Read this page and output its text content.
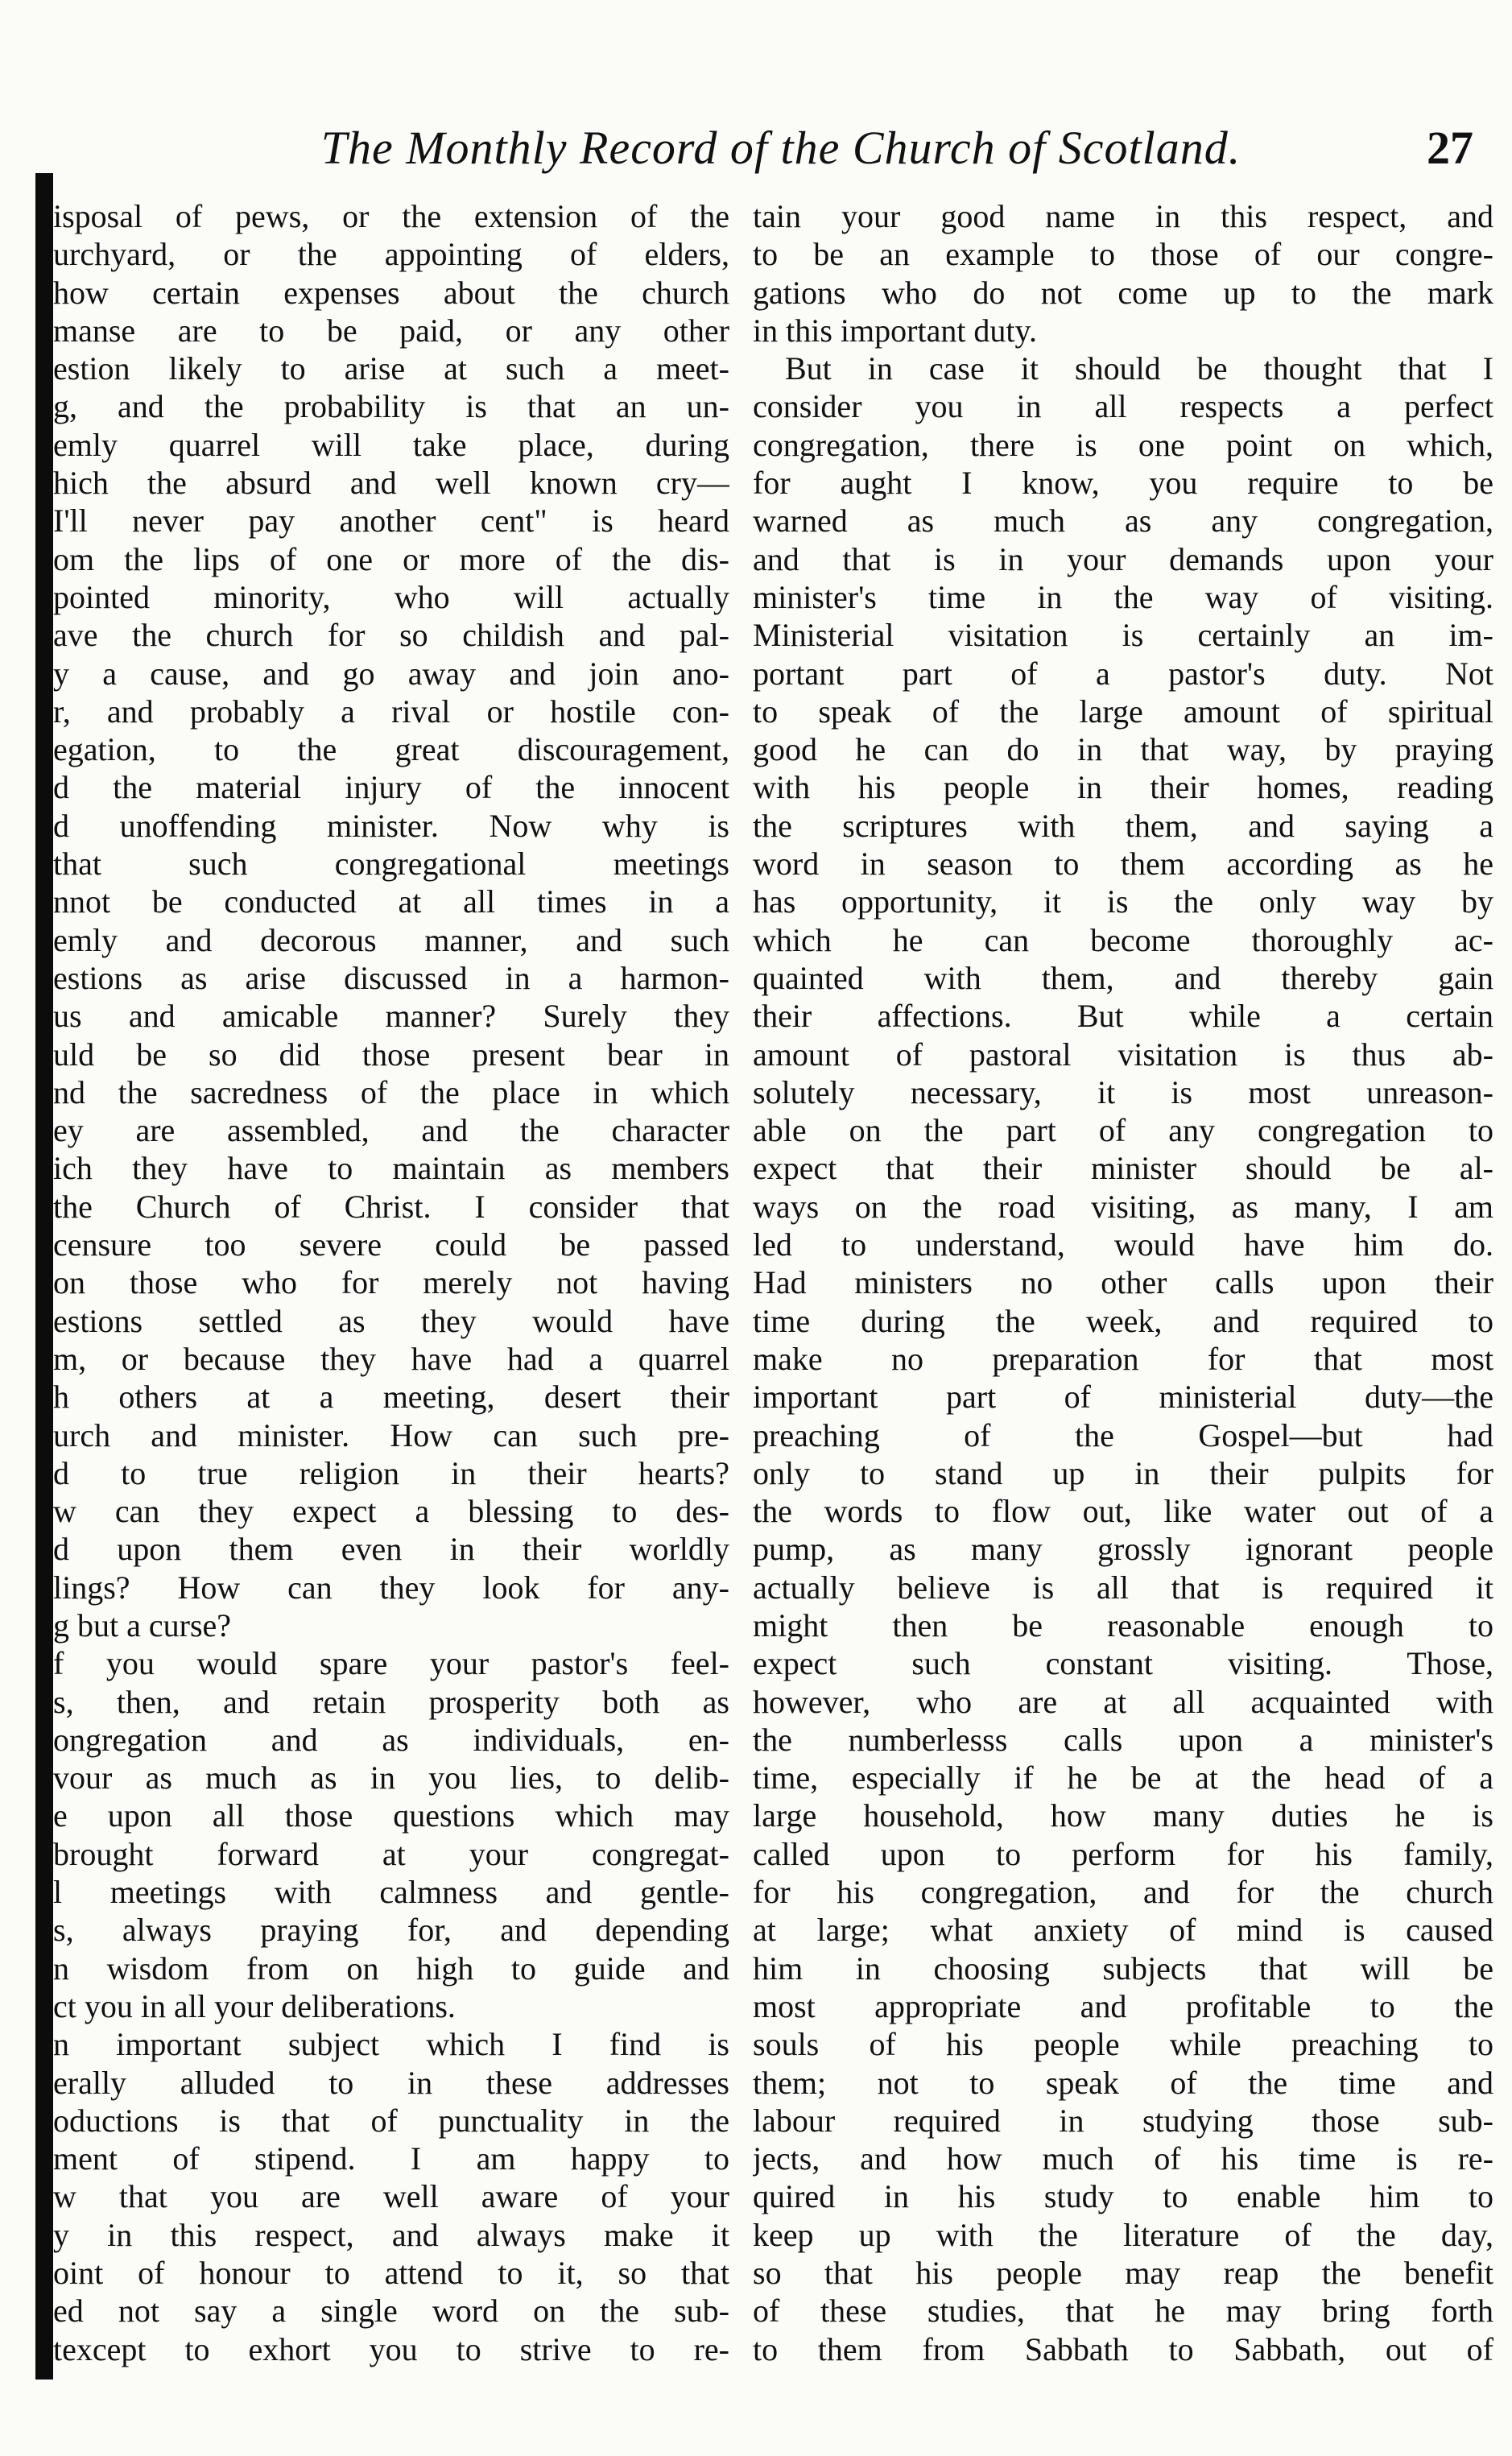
The Monthly Record of the Church of Scotland.	27
isposal of pews, or the extension of the
urchyard, or the appointing of elders,
how certain expenses about the church
manse are to be paid, or any other
estion likely to arise at such a meet-
g, and the probability is that an un-
emly quarrel will take place, during
hich the absurd and well known cry—
I'll never pay another cent" is heard
om the lips of one or more of the dis-
pointed minority, who will actually
ave the church for so childish and pal-
y a cause, and go away and join ano-
r, and probably a rival or hostile con-
egation, to the great discouragement,
d the material injury of the innocent
d unoffending minister. Now why is
that such congregational meetings
nnot be conducted at all times in a
emly and decorous manner, and such
estions as arise discussed in a harmon-
us and amicable manner? Surely they
uld be so did those present bear in
nd the sacredness of the place in which
ey are assembled, and the character
ich they have to maintain as members
the Church of Christ. I consider that
censure too severe could be passed
on those who for merely not having
estions settled as they would have
m, or because they have had a quarrel
h others at a meeting, desert their
urch and minister. How can such pre-
d to true religion in their hearts?
w can they expect a blessing to des-
d upon them even in their worldly
lings? How can they look for any-
g but a curse?
f you would spare your pastor's feel-
s, then, and retain prosperity both as
ongregation and as individuals, en-
vour as much as in you lies, to delib-
e upon all those questions which may
brought forward at your congregat-
l meetings with calmness and gentle-
s, always praying for, and depending
n wisdom from on high to guide and
ct you in all your deliberations.
n important subject which I find is
erally alluded to in these addresses
oductions is that of punctuality in the
ment of stipend. I am happy to
w that you are well aware of your
y in this respect, and always make it
oint of honour to attend to it, so that
ed not say a single word on the sub-
texcept to exhort you to strive to re-
tain your good name in this respect, and
to be an example to those of our congre-
gations who do not come up to the mark
in this important duty.
But in case it should be thought that I
consider you in all respects a perfect
congregation, there is one point on which,
for aught I know, you require to be
warned as much as any congregation,
and that is in your demands upon your
minister's time in the way of visiting.
Ministerial visitation is certainly an im-
portant part of a pastor's duty. Not
to speak of the large amount of spiritual
good he can do in that way, by praying
with his people in their homes, reading
the scriptures with them, and saying a
word in season to them according as he
has opportunity, it is the only way by
which he can become thoroughly ac-
quainted with them, and thereby gain
their affections. But while a certain
amount of pastoral visitation is thus ab-
solutely necessary, it is most unreason-
able on the part of any congregation to
expect that their minister should be al-
ways on the road visiting, as many, I am
led to understand, would have him do.
Had ministers no other calls upon their
time during the week, and required to
make no preparation for that most
important part of ministerial duty—the
preaching of the Gospel—but had
only to stand up in their pulpits for
the words to flow out, like water out of a
pump, as many grossly ignorant people
actually believe is all that is required it
might then be reasonable enough to
expect such constant visiting. Those,
however, who are at all acquainted with
the numberlesss calls upon a minister's
time, especially if he be at the head of a
large household, how many duties he is
called upon to perform for his family,
for his congregation, and for the church
at large; what anxiety of mind is caused
him in choosing subjects that will be
most appropriate and profitable to the
souls of his people while preaching to
them; not to speak of the time and
labour required in studying those sub-
jects, and how much of his time is re-
quired in his study to enable him to
keep up with the literature of the day,
so that his people may reap the benefit
of these studies, that he may bring forth
to them from Sabbath to Sabbath, out of
